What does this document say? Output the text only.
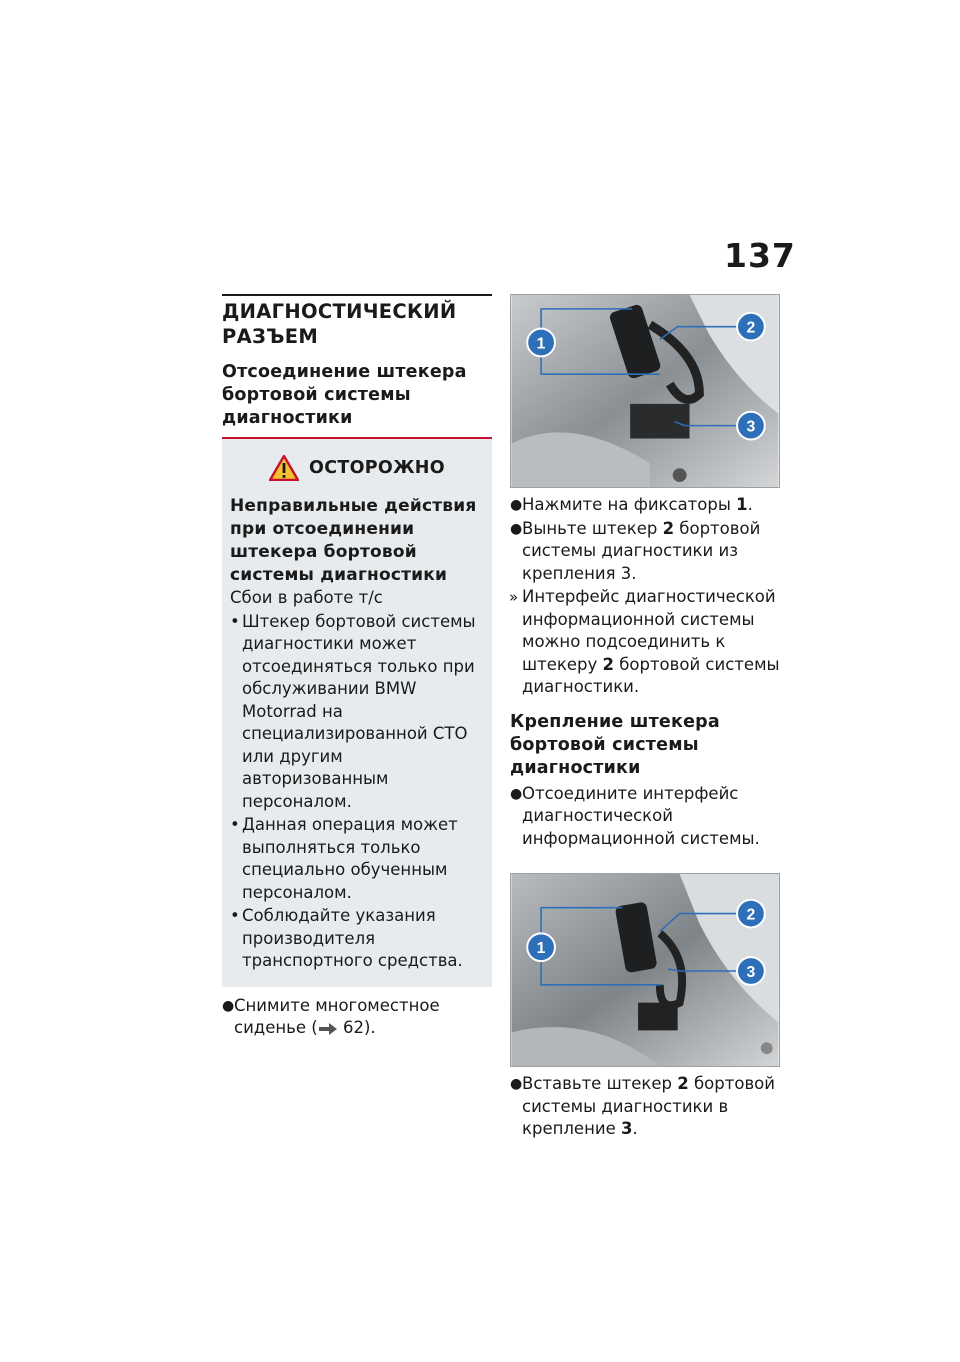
137
ДИАГНОСТИЧЕСКИЙ РАЗЪЕМ
Отсоединение штекера бортовой системы диагностики
ОСТОРОЖНО
Неправильные действия при отсоединении штекера бортовой системы диагностики
Сбои в работе т/с
• Штекер бортовой системы диагностики может отсоединяться только при обслуживании BMW Motorrad на специализированной СТО или другим авторизованным персоналом.
• Данная операция может выполняться только специально обученным персоналом.
• Соблюдайте указания производителя транспортного средства.
● Снимите многоместное сиденье ( 62).
1
2
3
● Нажмите на фиксаторы 1.
● Выньте штекер 2 бортовой системы диагностики из крепления 3.
» Интерфейс диагностической информационной системы можно подсоединить к штекеру 2 бортовой системы диагностики.
Крепление штекера бортовой системы диагностики
● Отсоедините интерфейс диагностической информационной системы.
1
2
3
● Вставьте штекер 2 бортовой системы диагностики в крепление 3.
